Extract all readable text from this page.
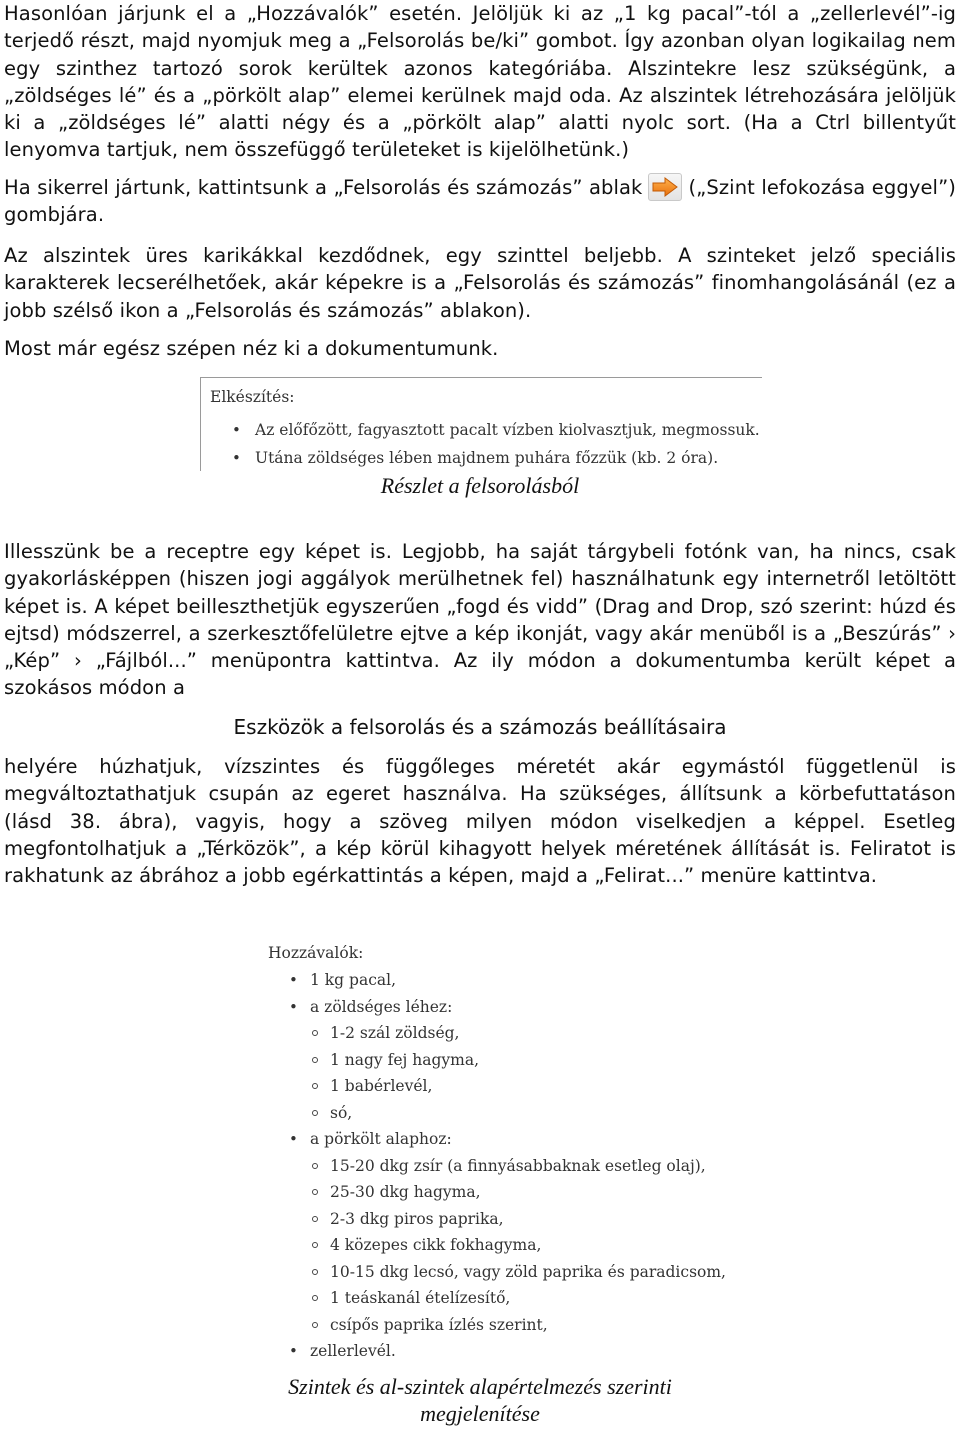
Hasonlóan járjunk el a „Hozzávalók” esetén. Jelöljük ki az „1 kg pacal”-tól a „zellerlevél”-ig terjedő részt, majd nyomjuk meg a „Felsorolás be/ki” gombot. Így azonban olyan logikailag nem egy szinthez tartozó sorok kerültek azonos kategóriába. Alszintekre lesz szükségünk, a „zöldséges lé” és a „pörkölt alap” elemei kerülnek majd oda. Az alszintek létrehozására jelöljük ki a „zöldséges lé” alatti négy és a „pörkölt alap” alatti nyolc sort. (Ha a Ctrl billentyűt lenyomva tartjuk, nem összefüggő területeket is kijelölhetünk.)

Ha sikerrel jártunk, kattintsunk a „Felsorolás és számozás” ablak („Szint lefokozása eggyel”) gombjára.

Az alszintek üres karikákkal kezdődnek, egy szinttel beljebb. A szinteket jelző speciális karakterek lecserélhetőek, akár képekre is a „Felsorolás és számozás” finomhangolásánál (ez a jobb szélső ikon a „Felsorolás és számozás” ablakon).

Most már egész szépen néz ki a dokumentumunk.

Elkészítés:
• Az előfőzött, fagyasztott pacalt vízben kiolvasztjuk, megmossuk.
• Utána zöldséges lében majdnem puhára főzzük (kb. 2 óra).
Részlet a felsorolásból

Illesszünk be a receptre egy képet is. Legjobb, ha saját tárgybeli fotónk van, ha nincs, csak gyakorlásképpen (hiszen jogi aggályok merülhetnek fel) használhatunk egy internetről letöltött képet is. A képet beilleszthetjük egyszerűen „fogd és vidd” (Drag and Drop, szó szerint: húzd és ejtsd) módszerrel, a szerkesztőfelületre ejtve a kép ikonját, vagy akár menüből is a „Beszúrás” › „Kép” › „Fájlból...” menüpontra kattintva. Az ily módon a dokumentumba került képet a szokásos módon a

Eszközök a felsorolás és a számozás beállításaira

helyére húzhatjuk, vízszintes és függőleges méretét akár egymástól függetlenül is megváltoztathatjuk csupán az egeret használva. Ha szükséges, állítsunk a körbefuttatáson (lásd 38. ábra), vagyis, hogy a szöveg milyen módon viselkedjen a képpel. Esetleg megfontolhatjuk a „Térközök”, a kép körül kihagyott helyek méretének állítását is. Feliratot is rakhatunk az ábrához a jobb egérkattintás a képen, majd a „Felirat...” menüre kattintva.

Hozzávalók:
• 1 kg pacal,
• a zöldséges léhez:
1-2 szál zöldség,
1 nagy fej hagyma,
1 babérlevél,
só,
• a pörkölt alaphoz:
15-20 dkg zsír (a finnyásabbaknak esetleg olaj),
25-30 dkg hagyma,
2-3 dkg piros paprika,
4 közepes cikk fokhagyma,
10-15 dkg lecsó, vagy zöld paprika és paradicsom,
1 teáskanál ételízesítő,
csípős paprika ízlés szerint,
• zellerlevél.
Szintek és al-szintek alapértelmezés szerinti
megjelenítése
